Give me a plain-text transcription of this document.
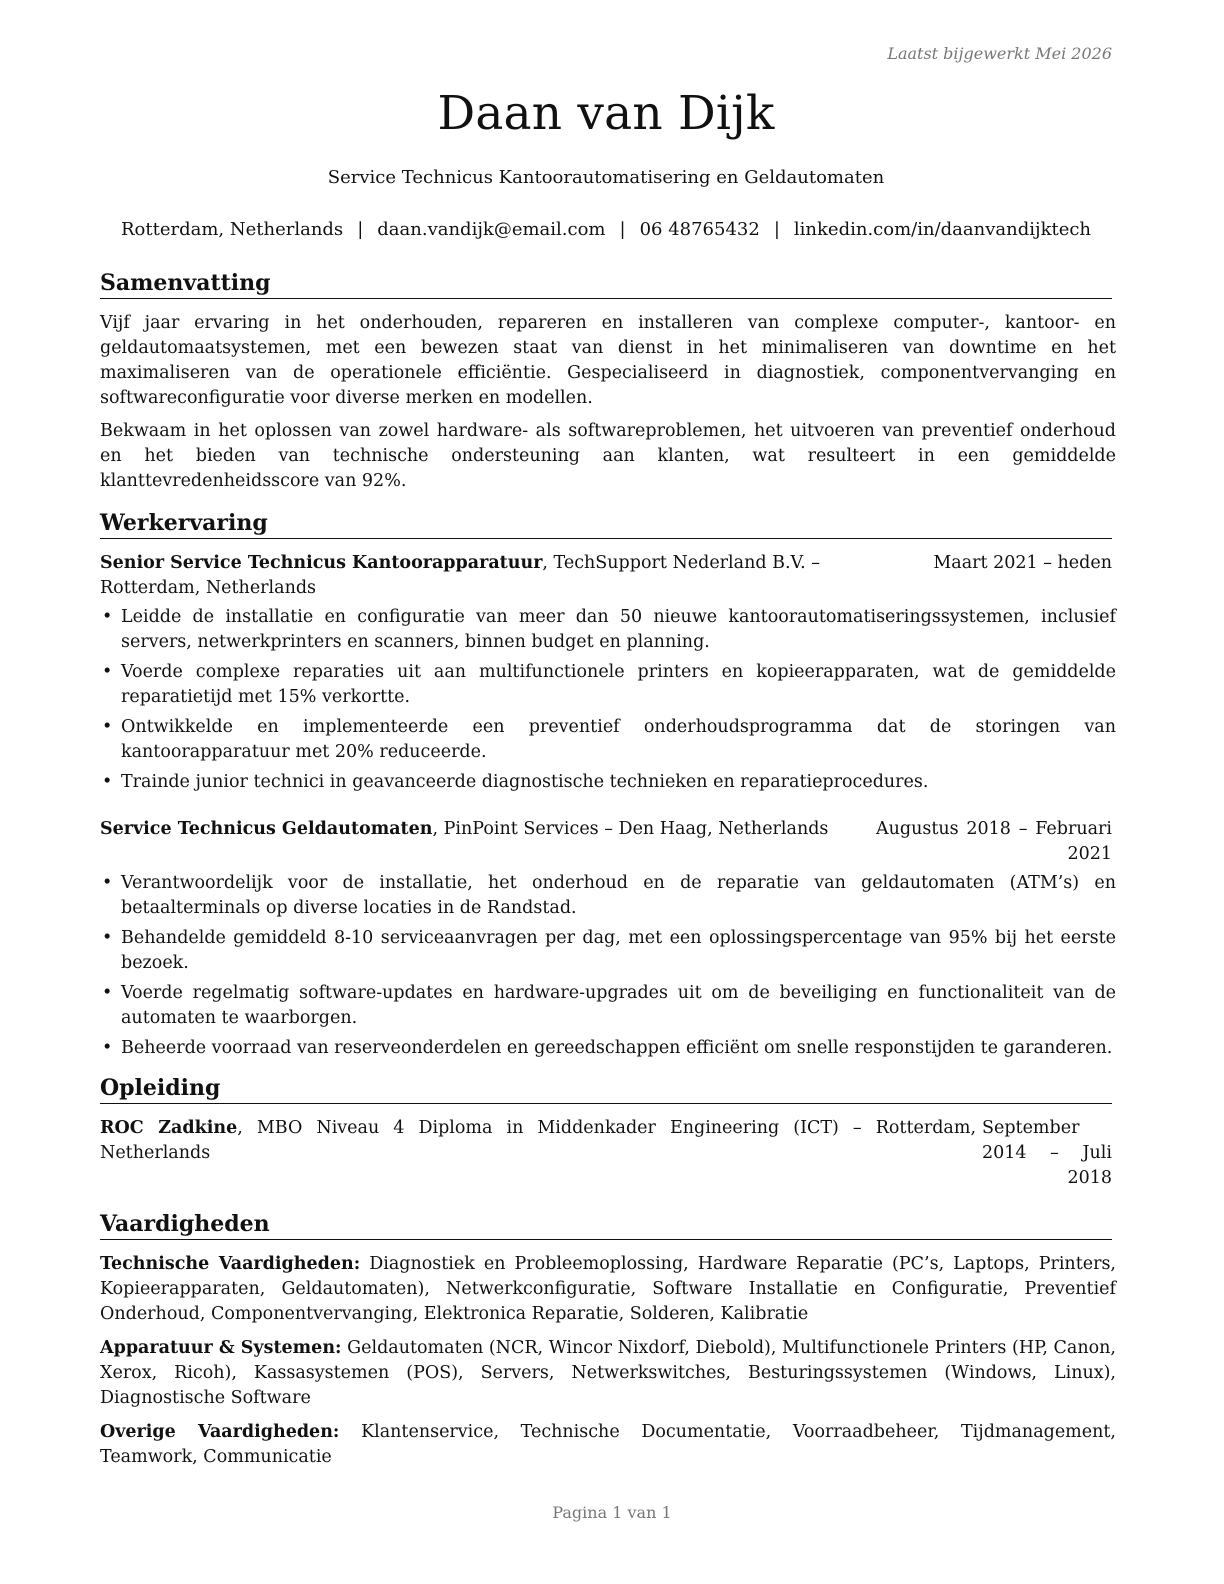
Laatst bijgewerkt Mei 2026
Daan van Dijk
Service Technicus Kantoorautomatisering en Geldautomaten
Rotterdam, Netherlands | daan.vandijk@email.com | 06 48765432 | linkedin.com/in/daanvandijktech
Samenvatting

Vijf jaar ervaring in het onderhouden, repareren en installeren van complexe computer-, kantoor- en geldautomaatsystemen, met een bewezen staat van dienst in het minimaliseren van downtime en het maximaliseren van de operationele efficiëntie. Gespecialiseerd in diagnostiek, componentvervanging en softwareconfiguratie voor diverse merken en modellen.

Bekwaam in het oplossen van zowel hardware- als softwareproblemen, het uitvoeren van preventief onderhoud en het bieden van technische ondersteuning aan klanten, wat resulteert in een gemiddelde klanttevredenheidsscore van 92%.

Werkervaring
Senior Service Technicus Kantoorapparatuur, TechSupport Nederland B.V. – Rotterdam, Netherlands
Maart 2021 – heden
• Leidde de installatie en configuratie van meer dan 50 nieuwe kantoorautomatiseringssystemen, inclusief servers, netwerkprinters en scanners, binnen budget en planning.
• Voerde complexe reparaties uit aan multifunctionele printers en kopieerapparaten, wat de gemiddelde reparatietijd met 15% verkortte.
• Ontwikkelde en implementeerde een preventief onderhoudsprogramma dat de storingen van kantoorapparatuur met 20% reduceerde.
• Trainde junior technici in geavanceerde diagnostische technieken en reparatieprocedures.
Service Technicus Geldautomaten, PinPoint Services – Den Haag, Netherlands	Augustus 2018 – Februari 2021
• Verantwoordelijk voor de installatie, het onderhoud en de reparatie van geldautomaten (ATM’s) en betaalterminals op diverse locaties in de Randstad.
• Behandelde gemiddeld 8-10 serviceaanvragen per dag, met een oplossingspercentage van 95% bij het eerste bezoek.
• Voerde regelmatig software-updates en hardware-upgrades uit om de beveiliging en functionaliteit van de automaten te waarborgen.
• Beheerde voorraad van reserveonderdelen en gereedschappen efficiënt om snelle responstijden te garanderen.
Opleiding
ROC Zadkine, MBO Niveau 4 Diploma in Middenkader Engineering (ICT) – Rotterdam, Netherlands
September 2014 – Juli 2018
Vaardigheden

Technische Vaardigheden: Diagnostiek en Probleemoplossing, Hardware Reparatie (PC’s, Laptops, Printers, Kopieerapparaten, Geldautomaten), Netwerkconfiguratie, Software Installatie en Configuratie, Preventief Onderhoud, Componentvervanging, Elektronica Reparatie, Solderen, Kalibratie

Apparatuur & Systemen: Geldautomaten (NCR, Wincor Nixdorf, Diebold), Multifunctionele Printers (HP, Canon, Xerox, Ricoh), Kassasystemen (POS), Servers, Netwerkswitches, Besturingssystemen (Windows, Linux), Diagnostische Software

Overige Vaardigheden: Klantenservice, Technische Documentatie, Voorraadbeheer, Tijdmanagement, Teamwork, Communicatie

Pagina 1 van 1
